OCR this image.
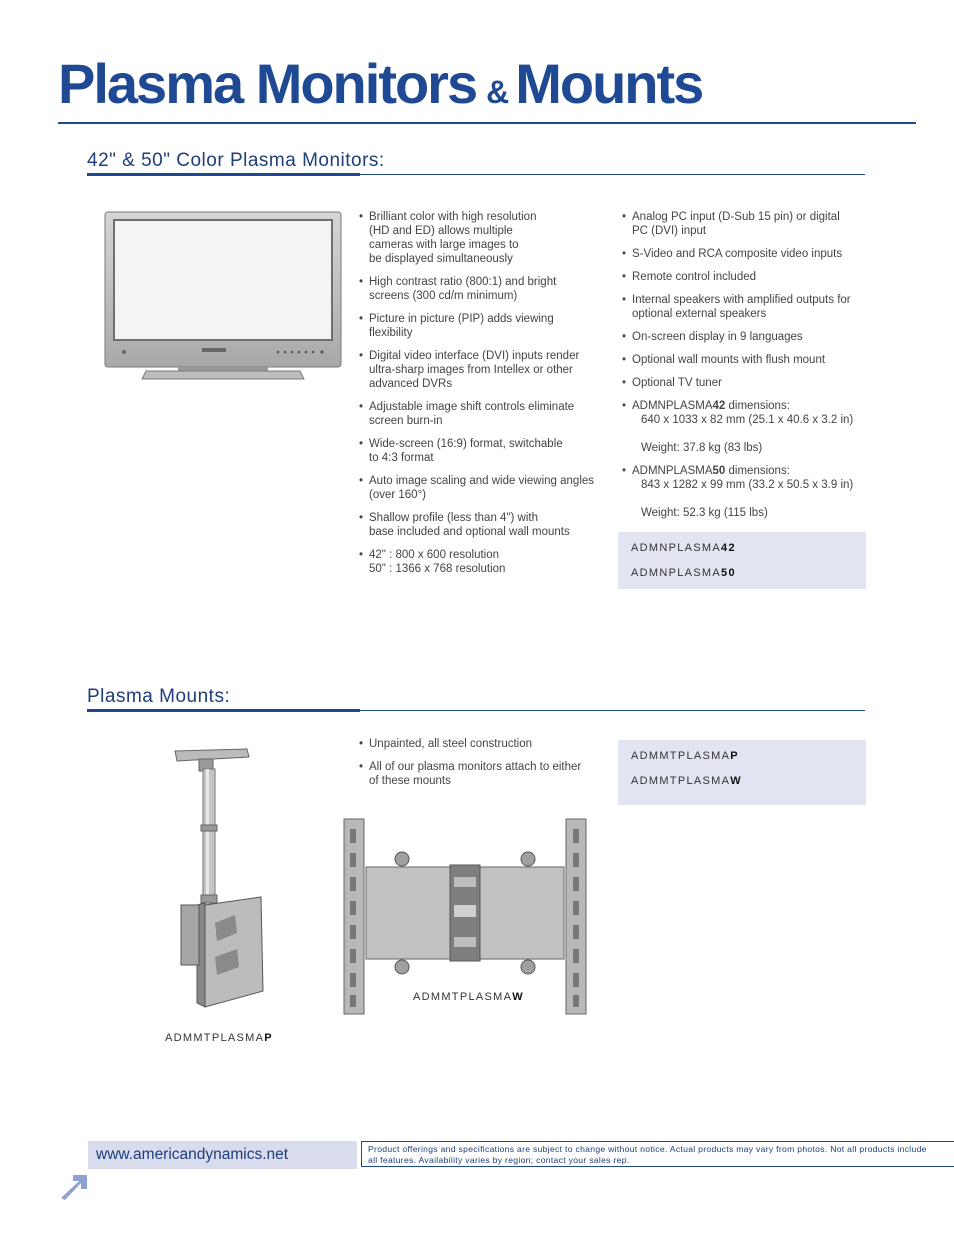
Plasma Monitors & Mounts
42" & 50" Color Plasma Monitors:
• Brilliant color with high resolution
(HD and ED) allows multiple
cameras with large images to
be displayed simultaneously
• High contrast ratio (800:1) and bright
screens (300 cd/m minimum)
• Picture in picture (PIP) adds viewing
flexibility
• Digital video interface (DVI) inputs render
ultra-sharp images from Intellex or other
advanced DVRs
• Adjustable image shift controls eliminate
screen burn-in
• Wide-screen (16:9) format, switchable
to 4:3 format
• Auto image scaling and wide viewing angles
(over 160°)
• Shallow profile (less than 4") with
base included and optional wall mounts
• 42" : 800 x 600 resolution
50" : 1366 x 768 resolution
• Analog PC input (D-Sub 15 pin) or digital
PC (DVI) input
• S-Video and RCA composite video inputs
• Remote control included
• Internal speakers with amplified outputs for
optional external speakers
• On-screen display in 9 languages
• Optional wall mounts with flush mount
• Optional TV tuner
• ADMNPLASMA42 dimensions:

640 x 1033 x 82 mm (25.1 x 40.6 x 3.2 in)

Weight: 37.8 kg (83 lbs)
• ADMNPLASMA50 dimensions:

843 x 1282 x 99 mm (33.2 x 50.5 x 3.9 in)

Weight: 52.3 kg (115 lbs)
ADMNPLASMA42
ADMNPLASMA50
Plasma Mounts:
• Unpainted, all steel construction
• All of our plasma monitors attach to either
of these mounts
ADMMTPLASMAP
ADMMTPLASMAW
ADMMTPLASMAW
ADMMTPLASMAP
www.americandynamics.net	Product offerings and specifications are subject to change without notice. Actual products may vary from photos. Not all products include all features. Availability varies by region; contact your sales rep.
